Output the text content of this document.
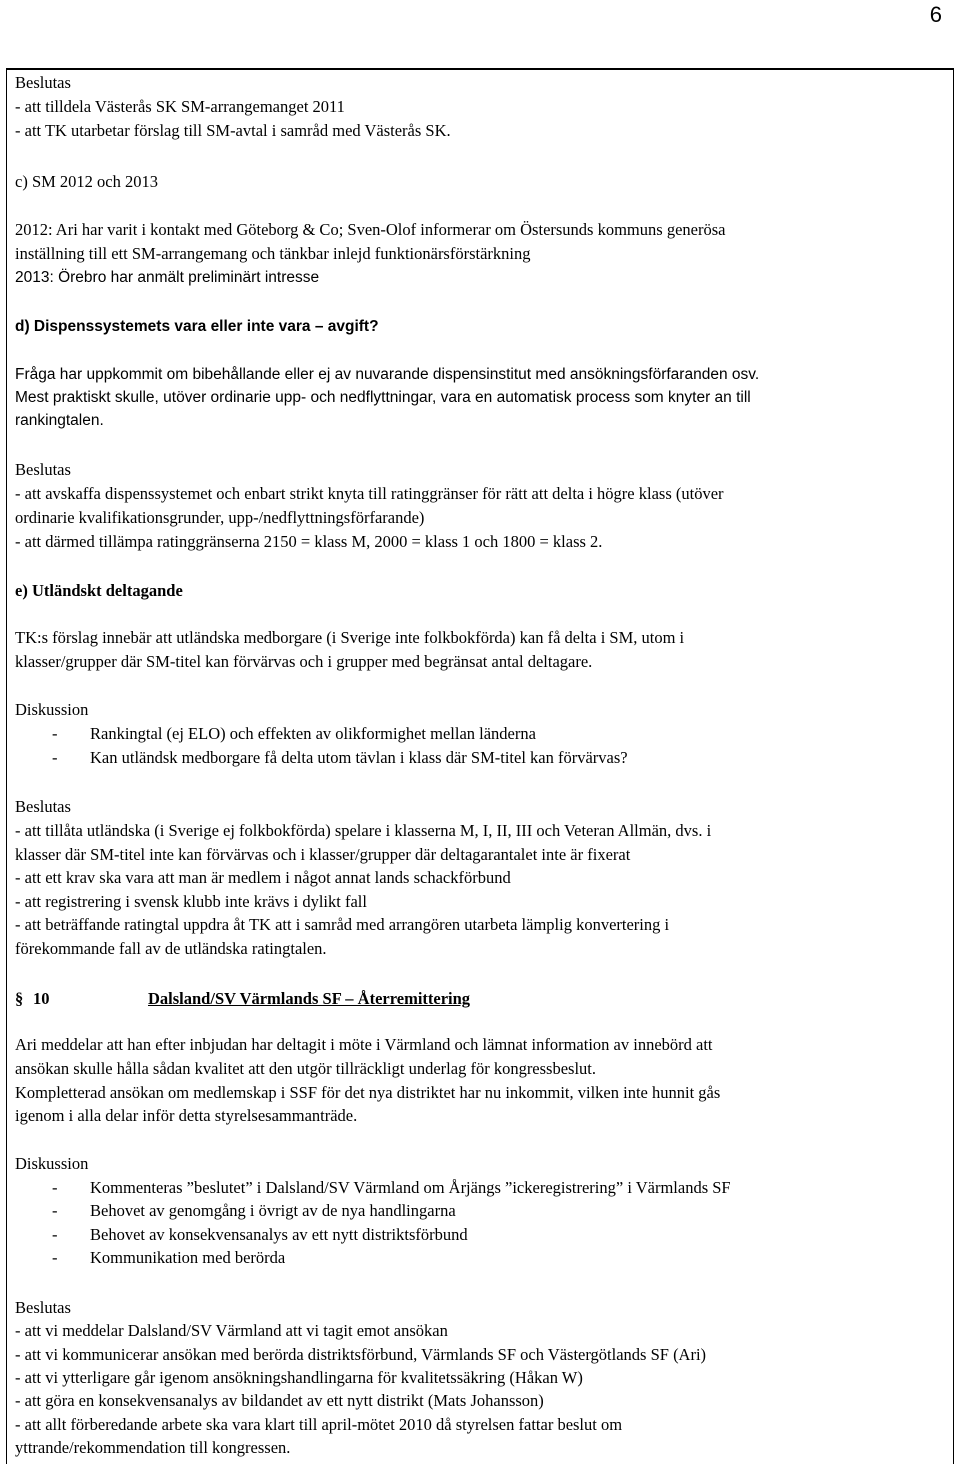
6
Beslutas
- att tilldela Västerås SK SM-arrangemanget 2011
- att TK utarbetar förslag till SM-avtal i samråd med Västerås SK.
c) SM 2012 och 2013
2012: Ari har varit i kontakt med Göteborg & Co; Sven-Olof informerar om Östersunds kommuns generösa
inställning till ett SM-arrangemang och tänkbar inlejd funktionärsförstärkning
2013: Örebro har anmält preliminärt intresse
d) Dispenssystemets vara eller inte vara – avgift?
Fråga har uppkommit om bibehållande eller ej av nuvarande dispensinstitut med ansökningsförfaranden osv.
Mest praktiskt skulle, utöver ordinarie upp- och nedflyttningar, vara en automatisk process som knyter an till
rankingtalen.
Beslutas
- att avskaffa dispenssystemet och enbart strikt knyta till ratinggränser för rätt att delta i högre klass (utöver
ordinarie kvalifikationsgrunder, upp-/nedflyttningsförfarande)
- att därmed tillämpa ratinggränserna 2150 = klass M, 2000 = klass 1 och 1800 = klass 2.
e) Utländskt deltagande
TK:s förslag innebär att utländska medborgare (i Sverige inte folkbokförda) kan få delta i SM, utom i
klasser/grupper där SM-titel kan förvärvas och i grupper med begränsat antal deltagare.
Diskussion
- Rankingtal (ej ELO) och effekten av olikformighet mellan länderna
- Kan utländsk medborgare få delta utom tävlan i klass där SM-titel kan förvärvas?
Beslutas
- att tillåta utländska (i Sverige ej folkbokförda) spelare i klasserna M, I, II, III och Veteran Allmän, dvs. i
klasser där SM-titel inte kan förvärvas och i klasser/grupper där deltagarantalet inte är fixerat
- att ett krav ska vara att man är medlem i något annat lands schackförbund
- att registrering i svensk klubb inte krävs i dylikt fall
- att beträffande ratingtal uppdra åt TK att i samråd med arrangören utarbeta lämplig konvertering i
förekommande fall av de utländska ratingtalen.
§ 10	Dalsland/SV Värmlands SF – Återremittering
Ari meddelar att han efter inbjudan har deltagit i möte i Värmland och lämnat information av innebörd att
ansökan skulle hålla sådan kvalitet att den utgör tillräckligt underlag för kongressbeslut.
Kompletterad ansökan om medlemskap i SSF för det nya distriktet har nu inkommit, vilken inte hunnit gås
igenom i alla delar inför detta styrelsesammanträde.
Diskussion
- Kommenteras ”beslutet” i Dalsland/SV Värmland om Årjängs ”ickeregistrering” i Värmlands SF
- Behovet av genomgång i övrigt av de nya handlingarna
- Behovet av konsekvensanalys av ett nytt distriktsförbund
- Kommunikation med berörda
Beslutas
- att vi meddelar Dalsland/SV Värmland att vi tagit emot ansökan
- att vi kommunicerar ansökan med berörda distriktsförbund, Värmlands SF och Västergötlands SF (Ari)
- att vi ytterligare går igenom ansökningshandlingarna för kvalitetssäkring (Håkan W)
- att göra en konsekvensanalys av bildandet av ett nytt distrikt (Mats Johansson)
- att allt förberedande arbete ska vara klart till april-mötet 2010 då styrelsen fattar beslut om
yttrande/rekommendation till kongressen.
